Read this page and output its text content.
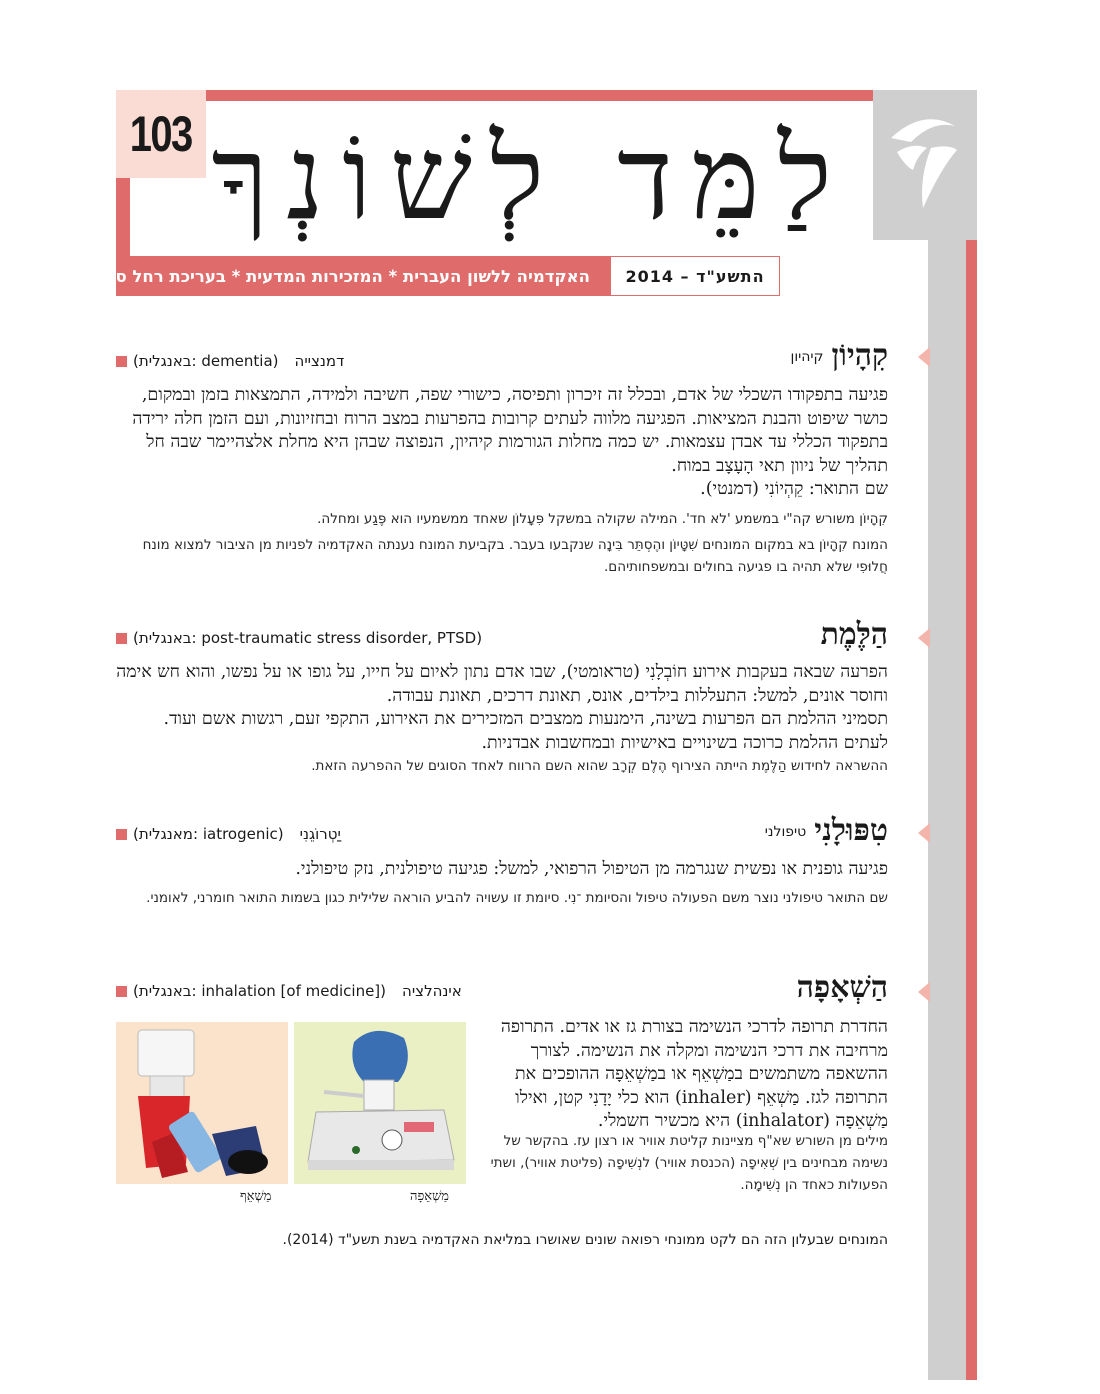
103 לַמֵּד לְשׁוֹנְךָ
האקדמיה ללשון העברית * המזכירות המדעית * בעריכת רחל סליג	התשע"ד – 2014
קִהָיוֹןקיהיון
דמנצייה(dementia :באנגלית)
פגיעה בתפקודו השכלי של אדם, ובכלל זה זיכרון ותפיסה, כישורי שפה, חשיבה ולמידה, התמצאות בזמן ובמקום, כושר שיפוט והבנת המציאות. הפגיעה מלווה לעתים קרובות בהפרעות במצב הרוח ובחזיונות, ועם הזמן חלה ירידה בתפקוד הכללי עד אבדן עצמאות. יש כמה מחלות הגורמות קיהיון, הנפוצה שבהן היא מחלת אלצהיימר שבה חל תהליך של ניוון תאי הָעָצָב במוח.
שם התואר: קֵהְיוֹנִי (דמנטי).
קִהָיוֹן משורש קה"י במשמע 'לא חד'. המילה שקולה במשקל פִּעָלוֹן שאחד ממשמעיו הוא פֶּגַע ומחלה.
המונח קִהָיוֹן בא במקום המונחים שִׁטָּיוֹן והֶסְתֵּר בִּינָה שנקבעו בעבר. בקביעת המונח נענתה האקדמיה לפניות מן הציבור למצוא מונח חֲלוּפִי שלא תהיה בו פגיעה בחולים ובמשפחותיהם.
הַלֶּמֶת
(post-traumatic stress disorder, PTSD :באנגלית)
הפרעה שבאה בעקבות אירוע חוֹבְלָנִי (טראומטי), שבו אדם נתון לאיום על חייו, על גופו או על נפשו, והוא חש אימה וחוסר אונים, למשל: התעללות בילדים, אונס, תאונת דרכים, תאונת עבודה.
תסמיני ההלמת הם הפרעות בשינה, הימנעות ממצבים המזכירים את האירוע, התקפי זעם, רגשות אשם ועוד. לעתים ההלמת כרוכה בשינויים באישיות ובמחשבות אבדניות.
ההשראה לחידוש הַלֶּמֶת הייתה הצירוף הֶלֶם קְרָב שהוא השם הרווח לאחד הסוגים של ההפרעה הזאת.
טִפּוּלָנִיטיפולני
יַטְרוֹגֵנִי(iatrogenic :מאנגלית)
פגיעה גופנית או נפשית שנגרמה מן הטיפול הרפואי, למשל: פגיעה טיפולנית, נזק טיפולני.
שם התואר טיפולני נוצר משם הפעולה טיפול והסיומת ־נִי. סיומת זו עשויה להביע הוראה שלילית כגון בשמות התואר חומרני, לאומני.
הַשְׁאָפָה
אינהלציה(inhalation [of medicine] :באנגלית)
החדרת תרופה לדרכי הנשימה בצורת גז או אדים. התרופה מרחיבה את דרכי הנשימה ומקלה את הנשימה. לצורך ההשאפה משתמשים במַשְׁאֵף או במַשְׁאֵפָה ההופכים את התרופה לגז. מַשְׁאֵף (inhaler) הוא כלי יָדָנִי קטן, ואילו מַשְׁאֵפָה (inhalator) היא מכשיר חשמלי.
מילים מן השורש שא"ף מציינות קליטת אוויר או רצון עז. בהקשר של נשימה מבחינים בין שְׁאִיפָה (הכנסת אוויר) לנְשִׁיפָה (פליטת אוויר), ושתי הפעולות כאחד הן נְשִׁימָה.
מַשְׁאֵפָה
מַשְׁאֵף
המונחים שבעלון הזה הם לקט ממונחי רפואה שונים שאושרו במליאת האקדמיה בשנת תשע"ד (2014).
